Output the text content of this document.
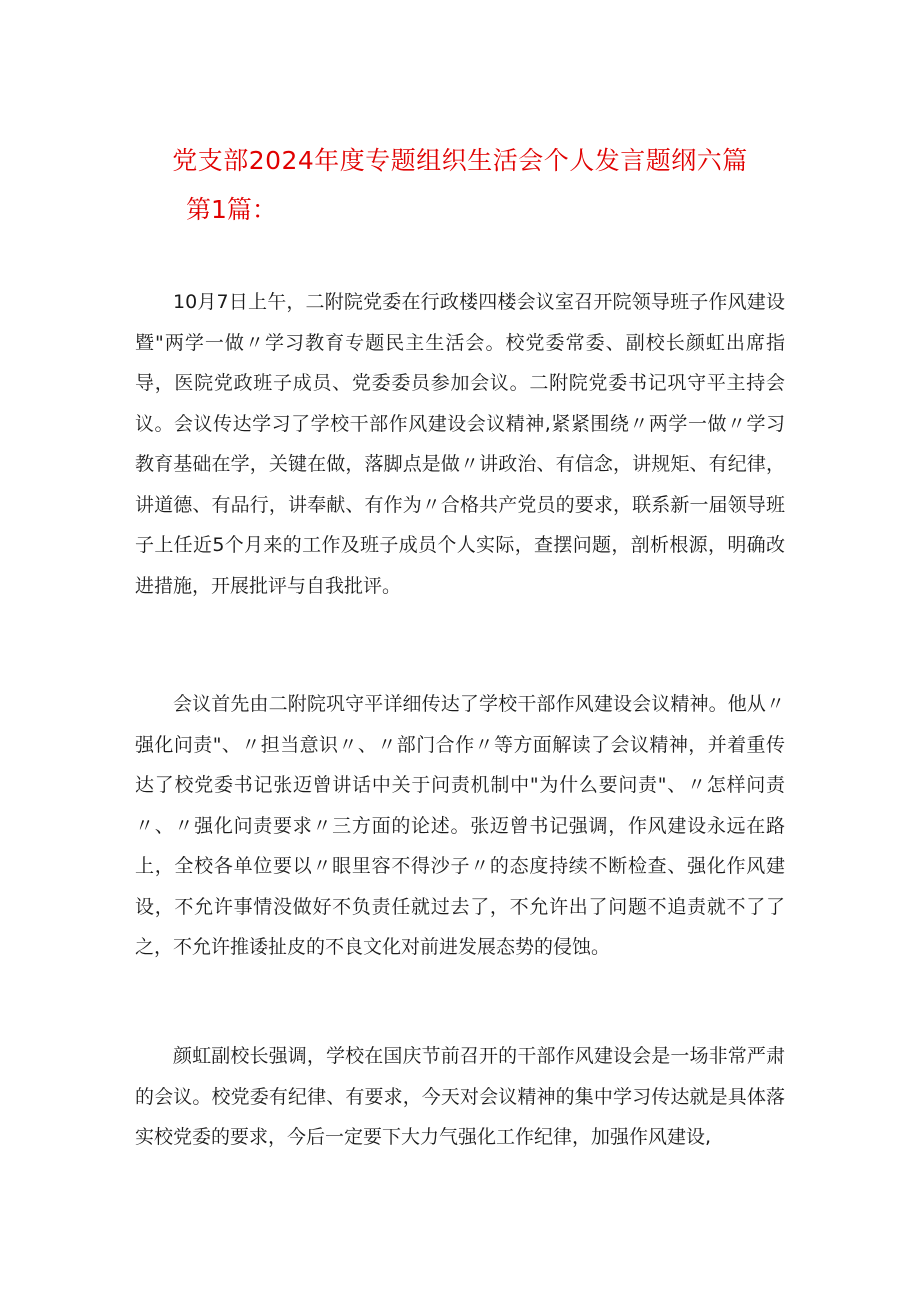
党支部2024年度专题组织生活会个人发言题纲六篇
第1篇：

10月7日上午，二附院党委在行政楼四楼会议室召开院领导班子作风建设暨"两学一做〃学习教育专题民主生活会。校党委常委、副校长颜虹出席指导，医院党政班子成员、党委委员参加会议。二附院党委书记巩守平主持会议。会议传达学习了学校干部作风建设会议精神,紧紧围绕〃两学一做〃学习教育基础在学，关键在做，落脚点是做〃讲政治、有信念，讲规矩、有纪律，讲道德、有品行，讲奉献、有作为〃合格共产党员的要求，联系新一届领导班子上任近5个月来的工作及班子成员个人实际，查摆问题，剖析根源，明确改进措施，开展批评与自我批评。

会议首先由二附院巩守平详细传达了学校干部作风建设会议精神。他从〃强化问责"、〃担当意识〃、〃部门合作〃等方面解读了会议精神，并着重传达了校党委书记张迈曾讲话中关于问责机制中"为什么要问责"、〃怎样问责〃、〃强化问责要求〃三方面的论述。张迈曾书记强调，作风建设永远在路上，全校各单位要以〃眼里容不得沙子〃的态度持续不断检查、强化作风建设，不允许事情没做好不负责任就过去了，不允许出了问题不追责就不了了之，不允许推诿扯皮的不良文化对前进发展态势的侵蚀。

颜虹副校长强调，学校在国庆节前召开的干部作风建设会是一场非常严肃的会议。校党委有纪律、有要求，今天对会议精神的集中学习传达就是具体落实校党委的要求，今后一定要下大力气强化工作纪律，加强作风建设,
